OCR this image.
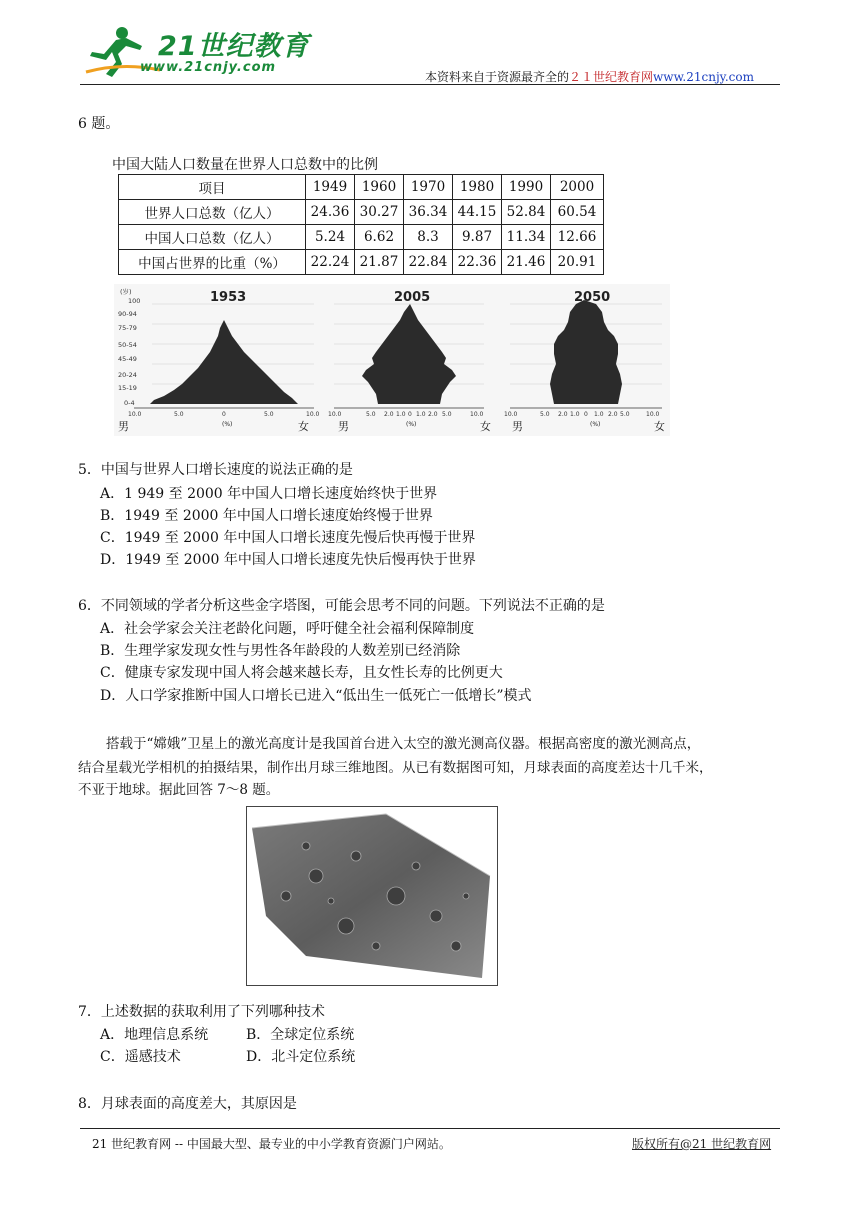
21世纪教育
www.21cnjy.com
本资料来自于资源最齐全的２１世纪教育网www.21cnjy.com
6 题。
中国大陆人口数量在世界人口总数中的比例
项目	1949	1960	1970	1980	1990	2000
世界人口总数（亿人）	24.36	30.27	36.34	44.15	52.84	60.54
中国人口总数（亿人）	5.24	6.62	8.3	9.87	11.34	12.66
中国占世界的比重（%）	22.24	21.87	22.84	22.36	21.46	20.91
(岁)
100
90-94
75-79
50-54
45-49
20-24
15-19
0-4
1953	2005	2050
10.0	5.0	0	5.0	10.0 10.0	5.0 2.0 1.0 0 1.0 2.0 5.0	10.0	10.0	5.0 2.0 1.0 0 1.0 2.0 5.0	10.0
男	(%)	女	男	(%)	女 男	(%)	女
5．中国与世界人口增长速度的说法正确的是
A．1 949 至 2000 年中国人口增长速度始终快于世界
B．1949 至 2000 年中国人口增长速度始终慢于世界
C．1949 至 2000 年中国人口增长速度先慢后快再慢于世界
D．1949 至 2000 年中国人口增长速度先快后慢再快于世界
6．不同领域的学者分析这些金字塔图，可能会思考不同的问题。下列说法不正确的是
A．社会学家会关注老龄化问题，呼吁健全社会福利保障制度
B．生理学家发现女性与男性各年龄段的人数差别已经消除
C．健康专家发现中国人将会越来越长寿，且女性长寿的比例更大
D．人口学家推断中国人口增长已进入“低出生一低死亡一低增长”模式
搭载于“嫦娥”卫星上的激光高度计是我国首台进入太空的激光测高仪器。根据高密度的激光测高点，
结合星载光学相机的拍摄结果，制作出月球三维地图。从已有数据图可知，月球表面的高度差达十几千米，
不亚于地球。据此回答 7～8 题。
7．上述数据的获取利用了下列哪种技术
A．地理信息系统	B．全球定位系统
C．遥感技术	D．北斗定位系统
8．月球表面的高度差大，其原因是
21 世纪教育网 -- 中国最大型、最专业的中小学教育资源门户网站。	版权所有@21 世纪教育网
